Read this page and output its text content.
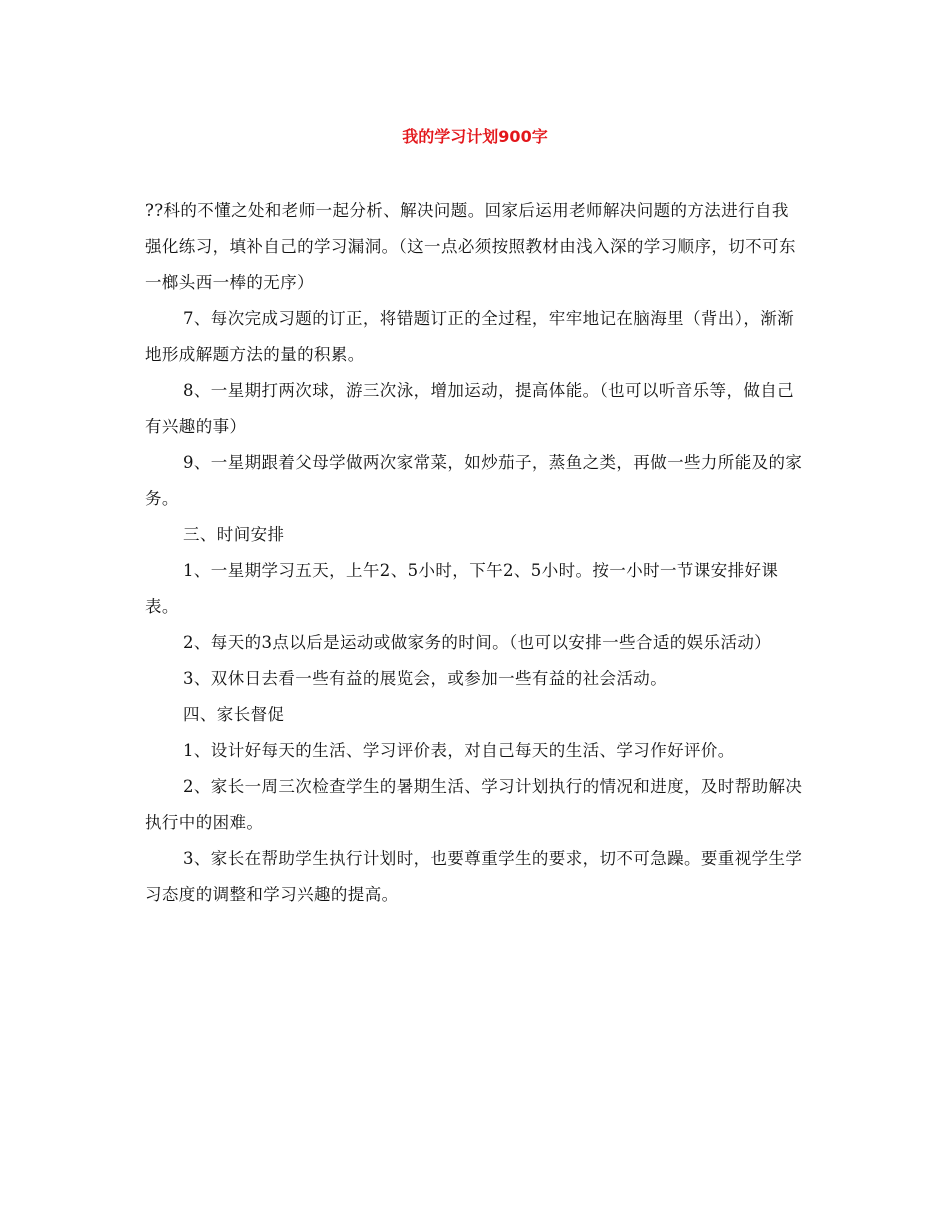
我的学习计划900字

??科的不懂之处和老师一起分析、解决问题。回家后运用老师解决问题的方法进行自我强化练习，填补自己的学习漏洞。（这一点必须按照教材由浅入深的学习顺序，切不可东一榔头西一棒的无序）

7、每次完成习题的订正，将错题订正的全过程，牢牢地记在脑海里（背出），渐渐地形成解题方法的量的积累。

8、一星期打两次球，游三次泳，增加运动，提高体能。（也可以听音乐等，做自己有兴趣的事）

9、一星期跟着父母学做两次家常菜，如炒茄子，蒸鱼之类，再做一些力所能及的家务。

三、时间安排

1、一星期学习五天，上午2、5小时，下午2、5小时。按一小时一节课安排好课表。

2、每天的3点以后是运动或做家务的时间。（也可以安排一些合适的娱乐活动）

3、双休日去看一些有益的展览会，或参加一些有益的社会活动。

四、家长督促

1、设计好每天的生活、学习评价表，对自己每天的生活、学习作好评价。

2、家长一周三次检查学生的暑期生活、学习计划执行的情况和进度，及时帮助解决执行中的困难。

3、家长在帮助学生执行计划时，也要尊重学生的要求，切不可急躁。要重视学生学习态度的调整和学习兴趣的提高。
